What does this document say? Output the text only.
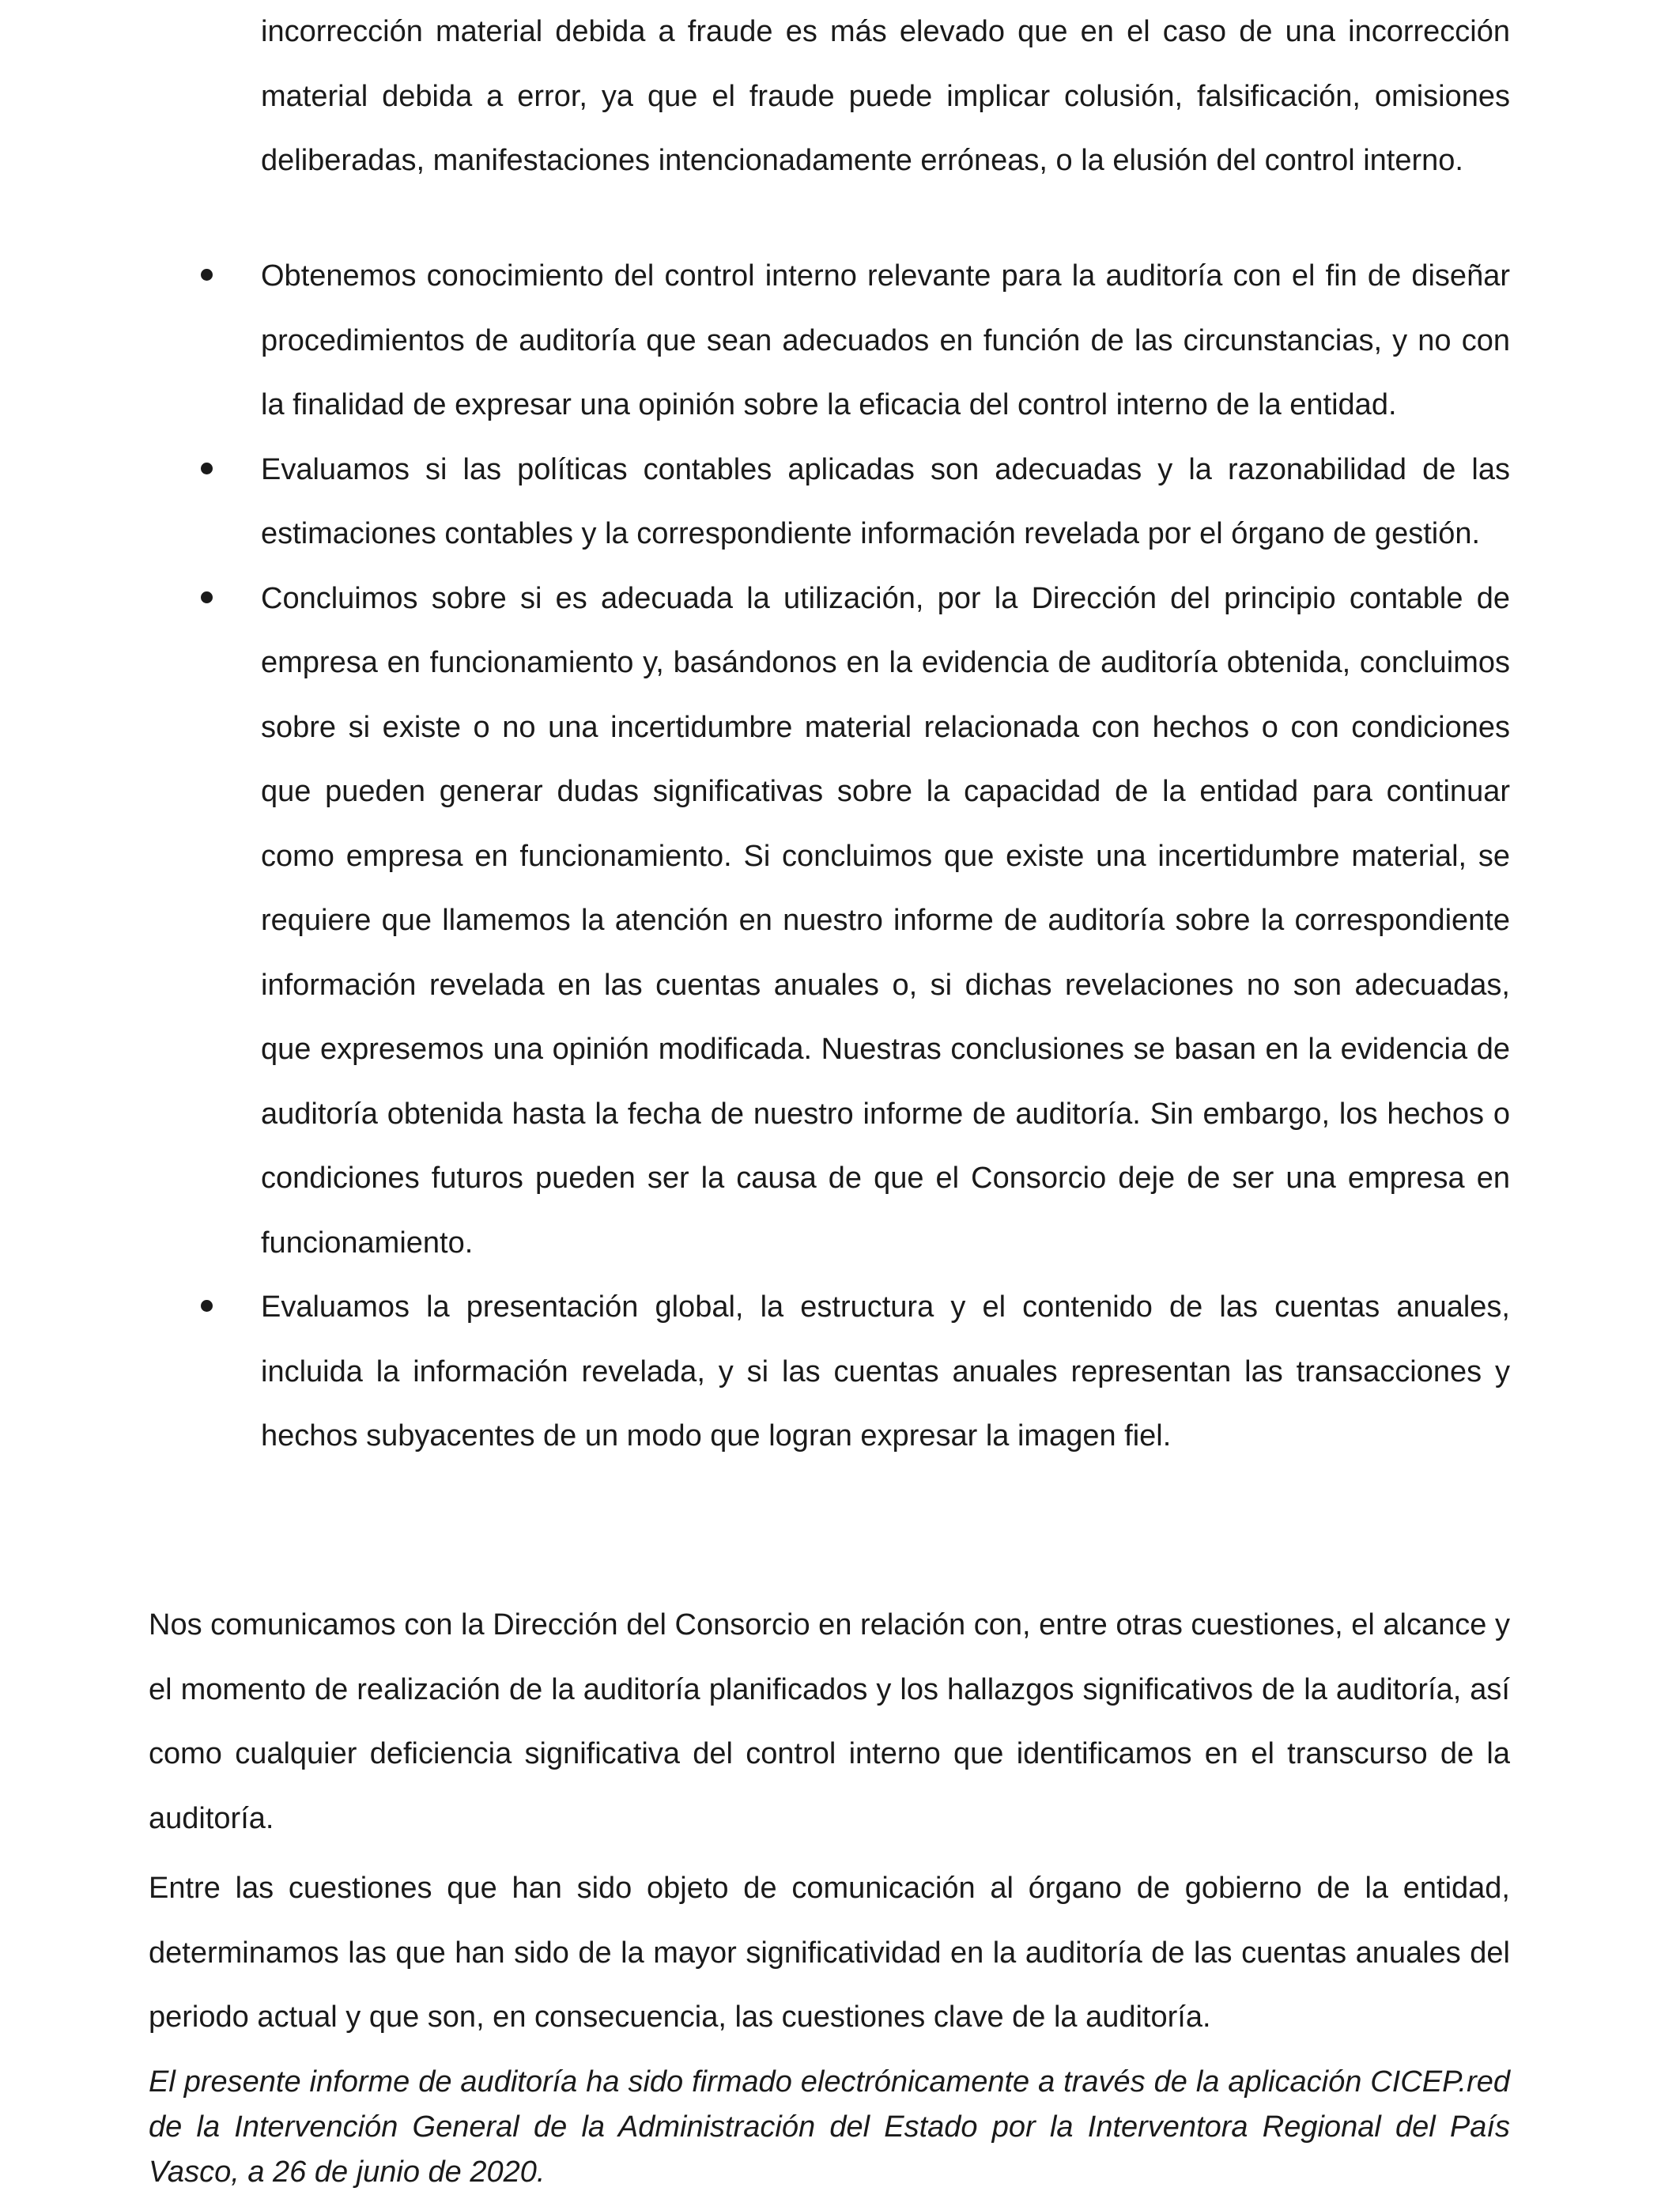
incorrección material debida a fraude es más elevado que en el caso de una incorrección material debida a error, ya que el fraude puede implicar colusión, falsificación, omisiones deliberadas, manifestaciones intencionadamente erróneas, o la elusión del control interno.

Obtenemos conocimiento del control interno relevante para la auditoría con el fin de diseñar procedimientos de auditoría que sean adecuados en función de las circunstancias, y no con la finalidad de expresar una opinión sobre la eficacia del control interno de la entidad.
Evaluamos si las políticas contables aplicadas son adecuadas y la razonabilidad de las estimaciones contables y la correspondiente información revelada por el órgano de gestión.
Concluimos sobre si es adecuada la utilización, por la Dirección del principio contable de empresa en funcionamiento y, basándonos en la evidencia de auditoría obtenida, concluimos sobre si existe o no una incertidumbre material relacionada con hechos o con condiciones que pueden generar dudas significativas sobre la capacidad de la entidad para continuar como empresa en funcionamiento. Si concluimos que existe una incertidumbre material, se requiere que llamemos la atención en nuestro informe de auditoría sobre la correspondiente información revelada en las cuentas anuales o, si dichas revelaciones no son adecuadas, que expresemos una opinión modificada. Nuestras conclusiones se basan en la evidencia de auditoría obtenida hasta la fecha de nuestro informe de auditoría. Sin embargo, los hechos o condiciones futuros pueden ser la causa de que el Consorcio deje de ser una empresa en funcionamiento.
Evaluamos la presentación global, la estructura y el contenido de las cuentas anuales, incluida la información revelada, y si las cuentas anuales representan las transacciones y hechos subyacentes de un modo que logran expresar la imagen fiel.

Nos comunicamos con la Dirección del Consorcio en relación con, entre otras cuestiones, el alcance y el momento de realización de la auditoría planificados y los hallazgos significativos de la auditoría, así como cualquier deficiencia significativa del control interno que identificamos en el transcurso de la auditoría.

Entre las cuestiones que han sido objeto de comunicación al órgano de gobierno de la entidad, determinamos las que han sido de la mayor significatividad en la auditoría de las cuentas anuales del periodo actual y que son, en consecuencia, las cuestiones clave de la auditoría.

El presente informe de auditoría ha sido firmado electrónicamente a través de la aplicación CICEP.red de la Intervención General de la Administración del Estado por la Interventora Regional del País Vasco, a 26 de junio de 2020.
